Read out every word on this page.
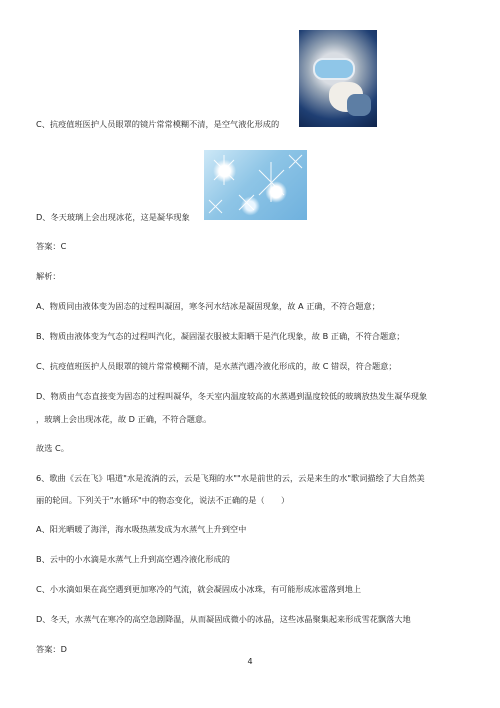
C、抗疫值班医护人员眼罩的镜片常常模糊不清，是空气液化形成的
D、冬天玻璃上会出现冰花，这是凝华现象
答案：C
解析：
A、物质同由液体变为固态的过程叫凝固，寒冬河水结冰是凝固现象，故 A 正确，不符合题意；
B、物质由液体变为气态的过程叫汽化，凝固湿衣服被太阳晒干是汽化现象，故 B 正确，不符合题意；
C、抗疫值班医护人员眼罩的镜片常常模糊不清，是水蒸汽遇冷液化形成的，故 C 错误，符合题意；
D、物质由气态直接变为固态的过程叫凝华，冬天室内温度较高的水蒸遇到温度较低的玻璃放热发生凝华现象
，玻璃上会出现冰花，故 D 正确，不符合题意。
故选 C。
6、歌曲《云在飞》唱道"水是流淌的云，云是飞翔的水""水是前世的云，云是来生的水"歌词描绘了大自然美
丽的轮回。下列关于"水循环"中的物态变化，说法不正确的是（　　）
A、阳光晒暖了海洋，海水吸热蒸发成为水蒸气上升到空中
B、云中的小水滴是水蒸气上升到高空遇冷液化形成的
C、小水滴如果在高空遇到更加寒冷的气流，就会凝固成小冰珠，有可能形成冰雹落到地上
D、冬天，水蒸气在寒冷的高空急剧降温，从而凝固成微小的冰晶，这些冰晶聚集起来形成雪花飘落大地
答案：D
4
